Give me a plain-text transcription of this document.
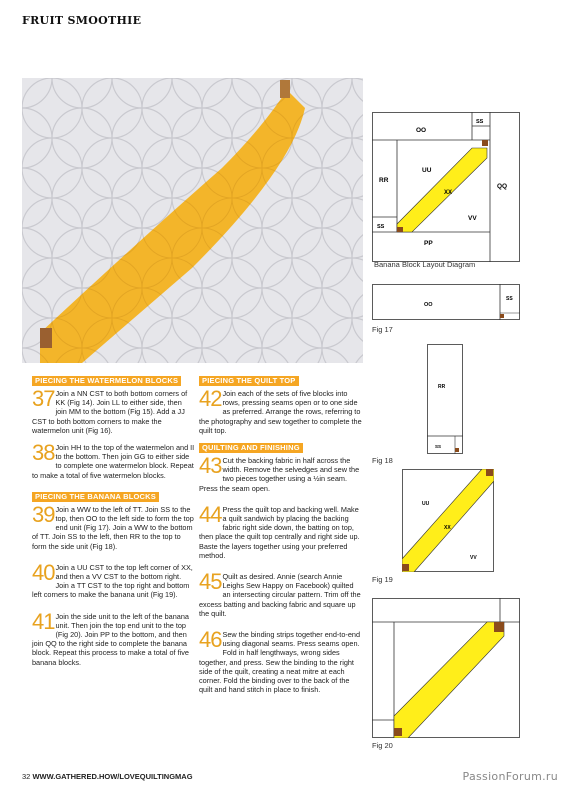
FRUIT SMOOTHIE
OO
SS
RR
UU
XX
QQ
VV
PP
SS
Banana Block Layout Diagram
OO
SS
Fig 17
RR
SS
Fig 18
UU
XX
VV
Fig 19
Fig 20
PIECING THE WATERMELON BLOCKS
37 Join a NN CST to both bottom corners of KK (Fig 14). Join LL to either side, then join MM to the bottom (Fig 15). Add a JJ CST to both bottom corners to make the watermelon unit (Fig 16).
38 Join HH to the top of the watermelon and II to the bottom. Then join GG to either side to complete one watermelon block. Repeat to make a total of five watermelon blocks.
PIECING THE BANANA BLOCKS
39 Join a WW to the left of TT. Join SS to the top, then OO to the left side to form the top end unit (Fig 17). Join a WW to the bottom of TT. Join SS to the left, then RR to the top to form the side unit (Fig 18).
40 Join a UU CST to the top left corner of XX, and then a VV CST to the bottom right. Join a TT CST to the top right and bottom left corners to make the banana unit (Fig 19).
41 Join the side unit to the left of the banana unit. Then join the top end unit to the top (Fig 20). Join PP to the bottom, and then join QQ to the right side to complete the banana block. Repeat this process to make a total of five banana blocks.
PIECING THE QUILT TOP
42 Join each of the sets of five blocks into rows, pressing seams open or to one side as preferred. Arrange the rows, referring to the photography and sew together to complete the quilt top.
QUILTING AND FINISHING
43 Cut the backing fabric in half across the width. Remove the selvedges and sew the two pieces together using a ½in seam. Press the seam open.
44 Press the quilt top and backing well. Make a quilt sandwich by placing the backing fabric right side down, the batting on top, then place the quilt top centrally and right side up. Baste the layers together using your preferred method.
45 Quilt as desired. Annie (search Annie Leighs Sew Happy on Facebook) quilted an intersecting circular pattern. Trim off the excess batting and backing fabric and square up the quilt.
46 Sew the binding strips together end-to-end using diagonal seams. Press seams open. Fold in half lengthways, wrong sides together, and press. Sew the binding to the right side of the quilt, creating a neat mitre at each corner. Fold the binding over to the back of the quilt and hand stitch in place to finish.
32 WWW.GATHERED.HOW/LOVEQUILTINGMAG	PassionForum.ru
